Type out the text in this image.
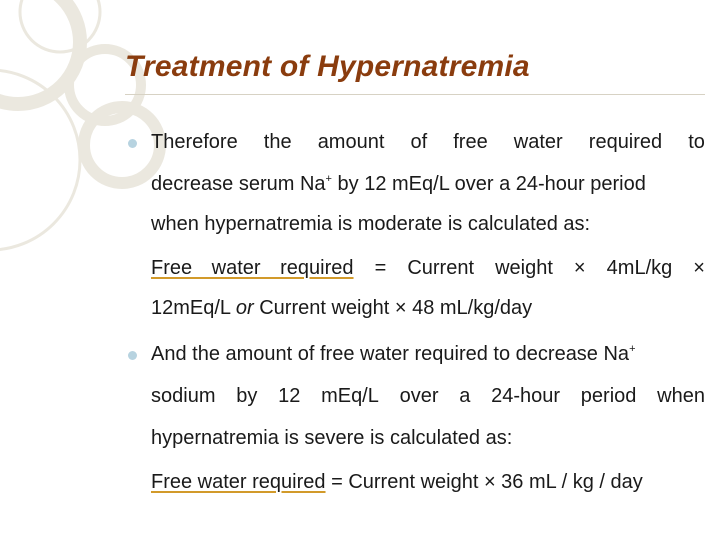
Treatment of Hypernatremia
Therefore the amount of free water required to
decrease serum Na+ by 12 mEq/L over a 24-hour period
when hypernatremia is moderate is calculated as:
Free water required = Current weight × 4mL/kg ×
12mEq/L or Current weight × 48 mL/kg/day
And the amount of free water required to decrease Na+
sodium by 12 mEq/L over a 24-hour period when
hypernatremia is severe is calculated as:
Free water required = Current weight × 36 mL / kg / day
